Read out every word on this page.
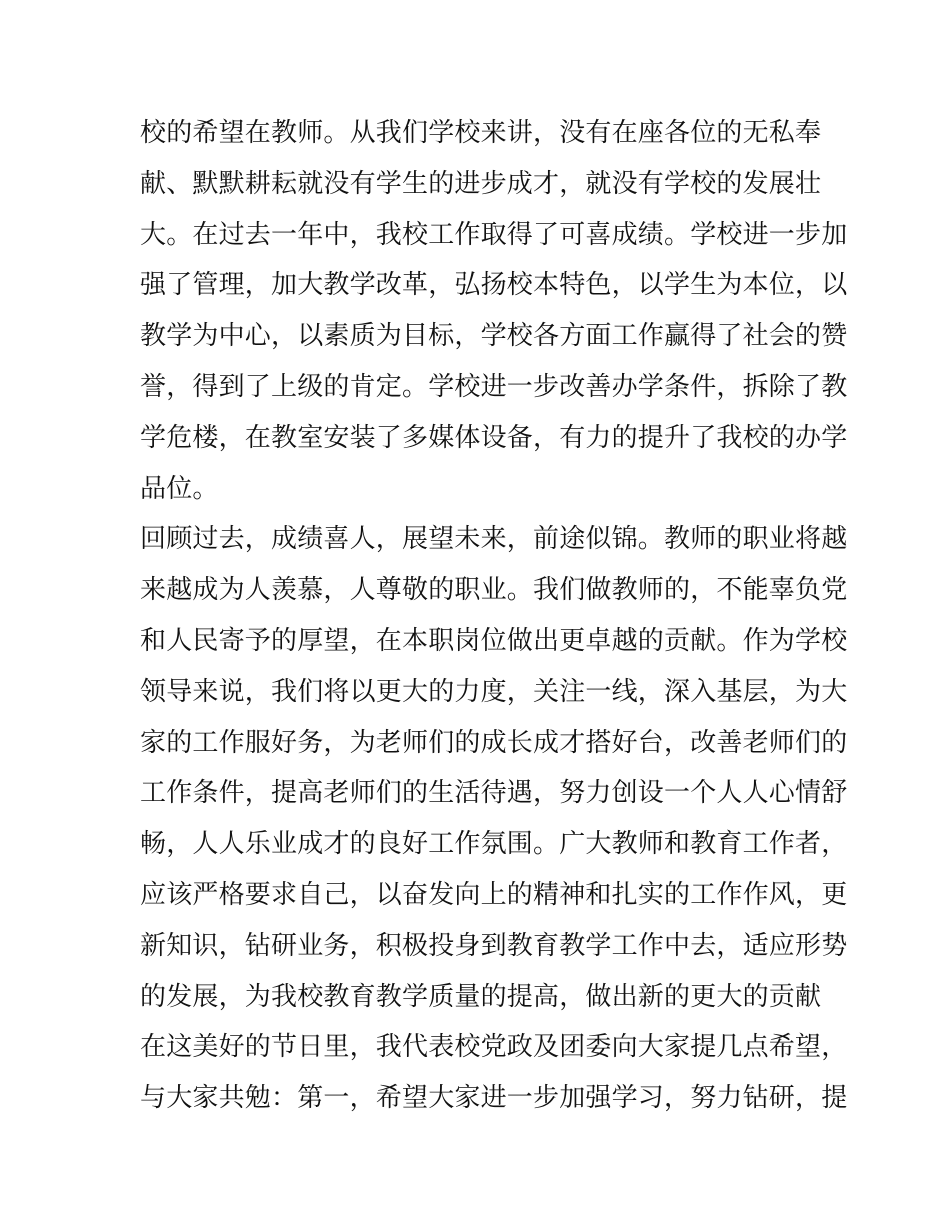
校的希望在教师。从我们学校来讲，没有在座各位的无私奉
献、默默耕耘就没有学生的进步成才，就没有学校的发展壮
大。在过去一年中，我校工作取得了可喜成绩。学校进一步加
强了管理，加大教学改革，弘扬校本特色，以学生为本位，以
教学为中心，以素质为目标，学校各方面工作赢得了社会的赞
誉，得到了上级的肯定。学校进一步改善办学条件，拆除了教
学危楼，在教室安装了多媒体设备，有力的提升了我校的办学
品位。
回顾过去，成绩喜人，展望未来，前途似锦。教师的职业将越
来越成为人羡慕，人尊敬的职业。我们做教师的，不能辜负党
和人民寄予的厚望，在本职岗位做出更卓越的贡献。作为学校
领导来说，我们将以更大的力度，关注一线，深入基层，为大
家的工作服好务，为老师们的成长成才搭好台，改善老师们的
工作条件，提高老师们的生活待遇，努力创设一个人人心情舒
畅，人人乐业成才的良好工作氛围。广大教师和教育工作者，
应该严格要求自己，以奋发向上的精神和扎实的工作作风，更
新知识，钻研业务，积极投身到教育教学工作中去，适应形势
的发展，为我校教育教学质量的提高，做出新的更大的贡献
在这美好的节日里，我代表校党政及团委向大家提几点希望，
与大家共勉：第一，希望大家进一步加强学习，努力钻研，提
